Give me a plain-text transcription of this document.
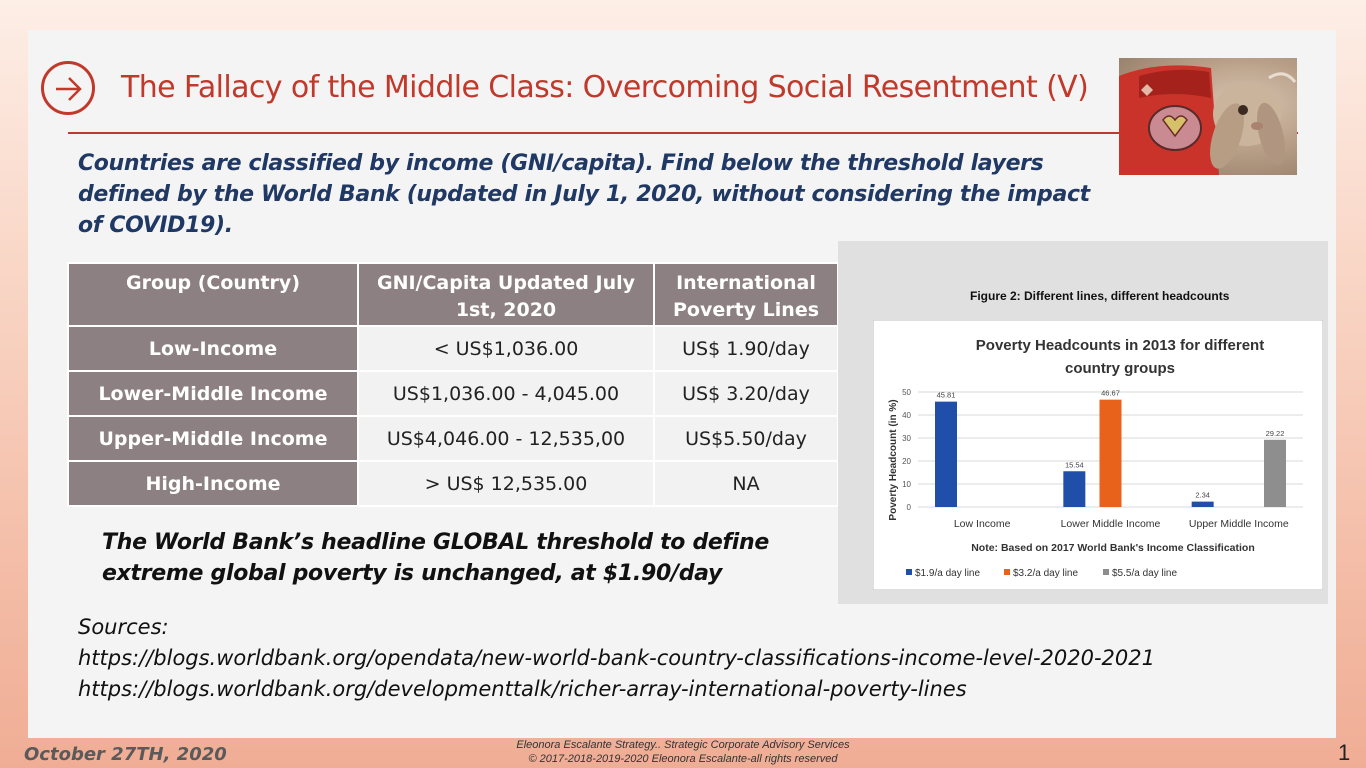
The Fallacy of the Middle Class: Overcoming Social Resentment (V)
Countries are classified by income (GNI/capita). Find below the threshold layers defined by the World Bank (updated in July 1, 2020, without considering the impact of COVID19).
Group (Country)	GNI/Capita Updated July 1st, 2020	International Poverty Lines
Low-Income	< US$1,036.00	US$ 1.90/day
Lower-Middle Income	US$1,036.00 - 4,045.00	US$ 3.20/day
Upper-Middle Income	US$4,046.00 - 12,535,00	US$5.50/day
High-Income	> US$ 12,535.00	NA
The World Bank’s headline GLOBAL threshold to define
extreme global poverty is unchanged, at $1.90/day
Sources:
https://blogs.worldbank.org/opendata/new-world-bank-country-classifications-income-level-2020-2021
https://blogs.worldbank.org/developmenttalk/richer-array-international-poverty-lines
Figure 2: Different lines, different headcounts
Poverty Headcounts in 2013 for different
country groups
0
10
20
30
40
50
Low Income
45.81
Lower Middle Income
15.54
46.67
Upper Middle Income
2.34
29.22
Poverty Headcount (in %)
Note: Based on 2017 World Bank's Income Classification
$1.9/a day line	$3.2/a day line	$5.5/a day line
October 27TH, 2020	Eleonora Escalante Strategy.. Strategic Corporate Advisory Services
© 2017-2018-2019-2020 Eleonora Escalante-all rights reserved	1
